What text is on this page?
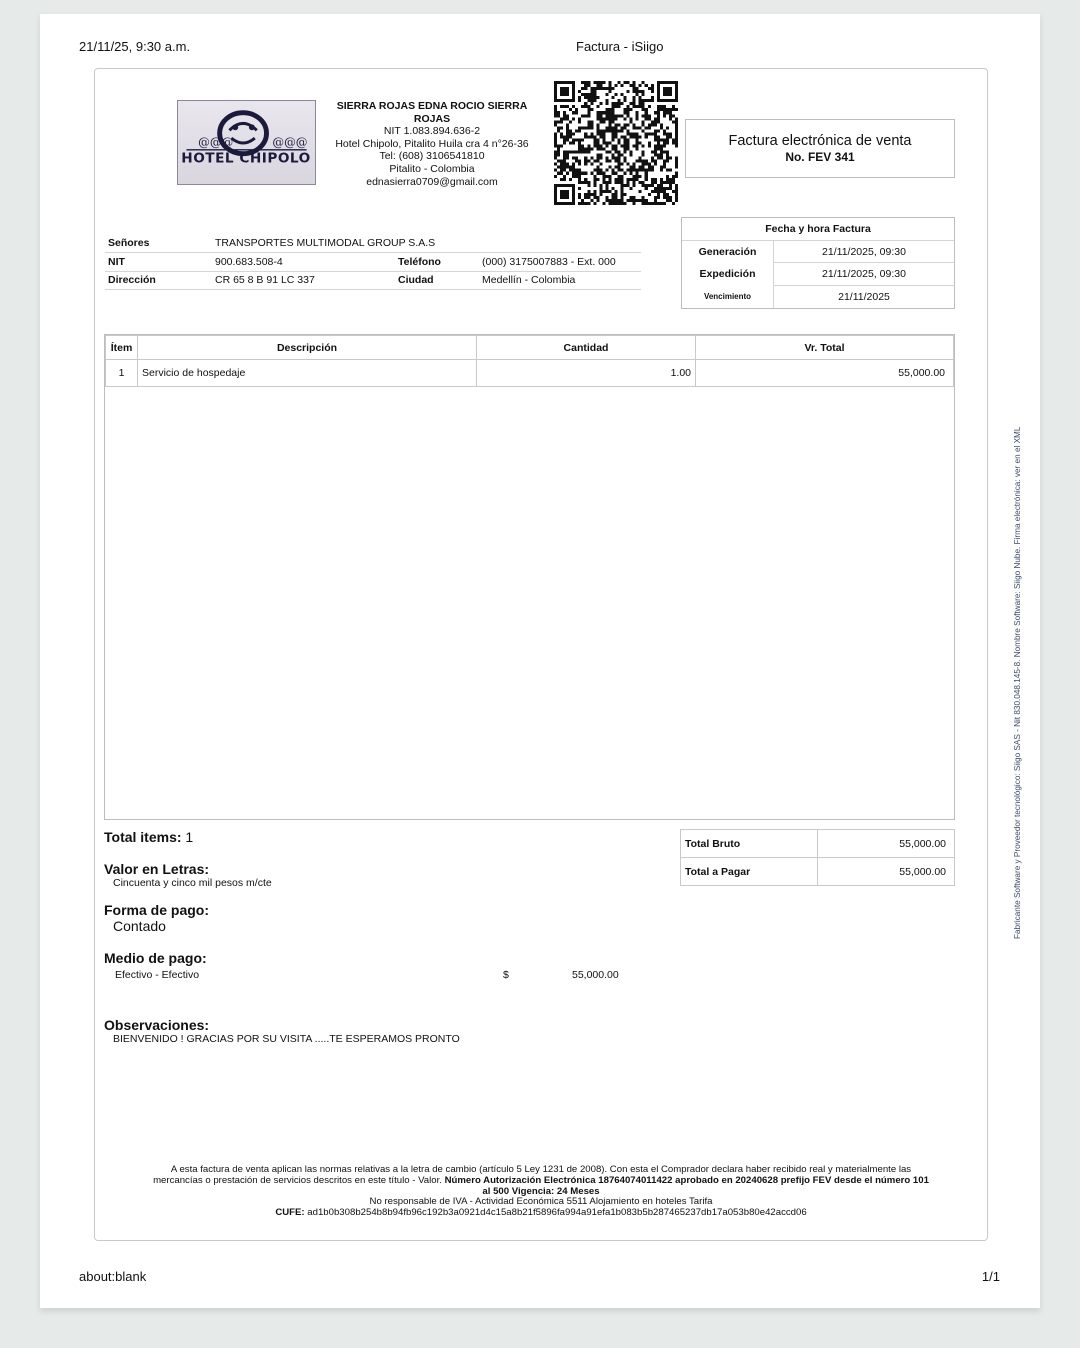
21/11/25, 9:30 a.m.	Factura - iSiigo
@@@	@@@
HOTEL CHIPOLO
SIERRA ROJAS EDNA ROCIO SIERRA ROJAS
NIT 1.083.894.636-2
Hotel Chipolo, Pitalito Huila cra 4 n°26-36
Tel: (608) 3106541810
Pitalito - Colombia
ednasierra0709@gmail.com
Factura electrónica de venta
No. FEV 341
Señores	TRANSPORTES MULTIMODAL GROUP S.A.S		
NIT	900.683.508-4	Teléfono	(000) 3175007883 - Ext. 000
Dirección	CR 65 8 B 91 LC 337	Ciudad	Medellín - Colombia
Fecha y hora Factura
Generación	21/11/2025, 09:30
Expedición	21/11/2025, 09:30
Vencimiento	21/11/2025
Ítem	Descripción	Cantidad	Vr. Total
1	Servicio de hospedaje	1.00	55,000.00
Total items: 1
Valor en Letras:
Cincuenta y cinco mil pesos m/cte
Forma de pago:
Contado
Medio de pago:
Efectivo - Efectivo	$	55,000.00
Observaciones:
BIENVENIDO ! GRACIAS POR SU VISITA .....TE ESPERAMOS PRONTO
Total Bruto	55,000.00
Total a Pagar	55,000.00
A esta factura de venta aplican las normas relativas a la letra de cambio (artículo 5 Ley 1231 de 2008). Con esta el Comprador declara haber recibido real y materialmente las
mercancías o prestación de servicios descritos en este título - Valor. Número Autorización Electrónica 18764074011422 aprobado en 20240628 prefijo FEV desde el número 101
al 500 Vigencia: 24 Meses
No responsable de IVA - Actividad Económica 5511 Alojamiento en hoteles Tarifa
CUFE: ad1b0b308b254b8b94fb96c192b3a0921d4c15a8b21f5896fa994a91efa1b083b5b287465237db17a053b80e42accd06
Fabricante Software y Proveedor tecnológico: Siigo SAS - Nit 830.048.145-8. Nombre Software: Siigo Nube. Firma electrónica: ver en el XML
about:blank	1/1
